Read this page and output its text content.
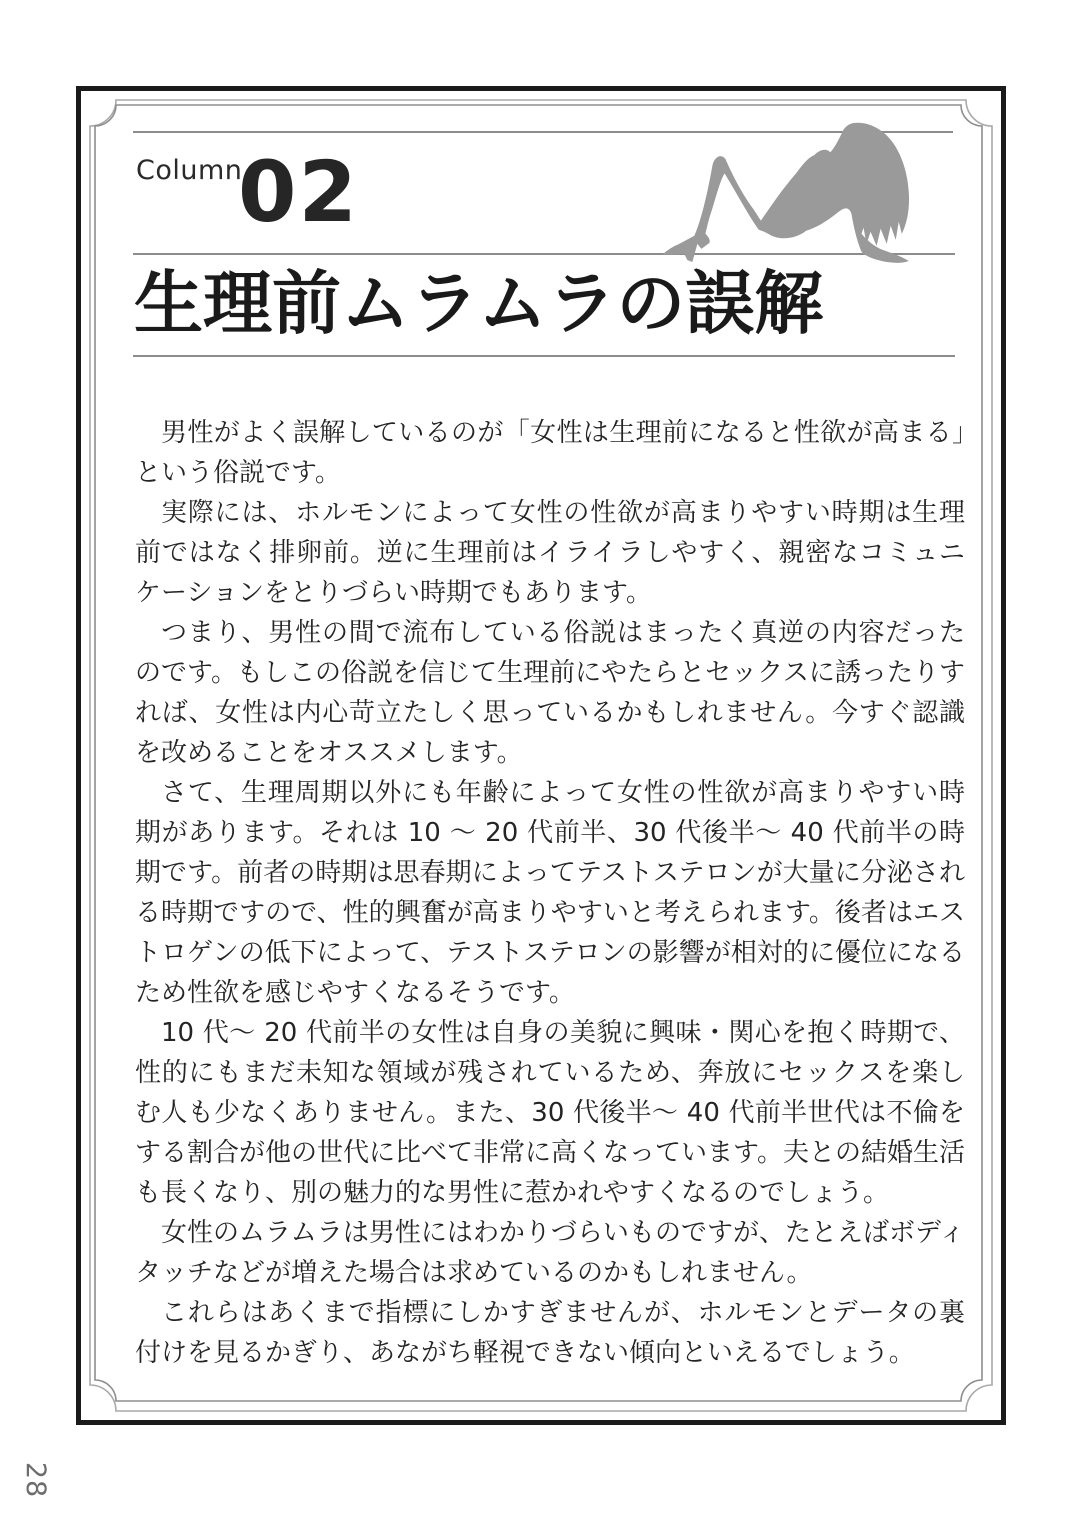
Column
02
生理前ムラムラの誤解

男性がよく誤解しているのが「女性は生理前になると性欲が高まる」という俗説です。

実際には、ホルモンによって女性の性欲が高まりやすい時期は生理前ではなく排卵前。逆に生理前はイライラしやすく、親密なコミュニケーションをとりづらい時期でもあります。

つまり、男性の間で流布している俗説はまったく真逆の内容だったのです。もしこの俗説を信じて生理前にやたらとセックスに誘ったりすれば、女性は内心苛立たしく思っているかもしれません。今すぐ認識を改めることをオススメします。

さて、生理周期以外にも年齢によって女性の性欲が高まりやすい時期があります。それは 10 〜 20 代前半、30 代後半〜 40 代前半の時期です。前者の時期は思春期によってテストステロンが大量に分泌される時期ですので、性的興奮が高まりやすいと考えられます。後者はエストロゲンの低下によって、テストステロンの影響が相対的に優位になるため性欲を感じやすくなるそうです。

10 代〜 20 代前半の女性は自身の美貌に興味・関心を抱く時期で、性的にもまだ未知な領域が残されているため、奔放にセックスを楽しむ人も少なくありません。また、30 代後半〜 40 代前半世代は不倫をする割合が他の世代に比べて非常に高くなっています。夫との結婚生活も長くなり、別の魅力的な男性に惹かれやすくなるのでしょう。

女性のムラムラは男性にはわかりづらいものですが、たとえばボディタッチなどが増えた場合は求めているのかもしれません。

これらはあくまで指標にしかすぎませんが、ホルモンとデータの裏付けを見るかぎり、あながち軽視できない傾向といえるでしょう。

28
